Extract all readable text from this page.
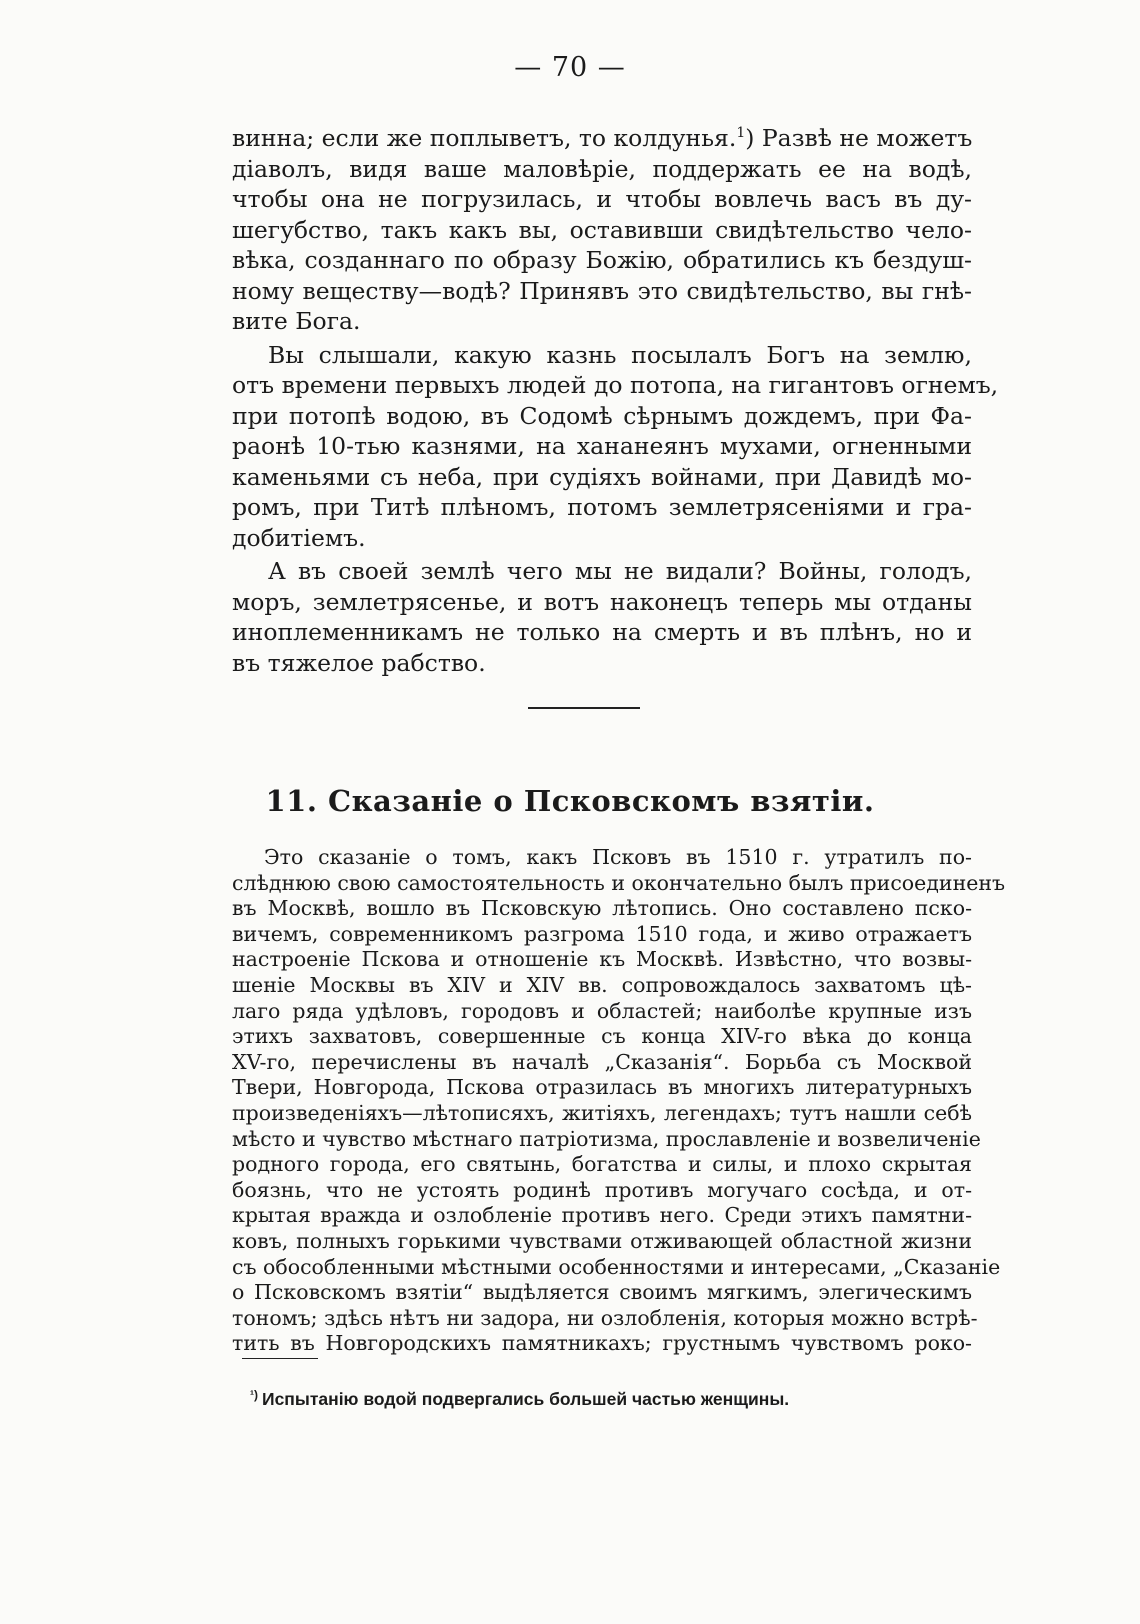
— 70 —
винна; если же поплыветъ, то колдунья.$^1$) Развѣ не можетъ
діаволъ, видя ваше маловѣріе, поддержать ее на водѣ,
чтобы она не погрузилась, и чтобы вовлечь васъ въ ду-
шегубство, такъ какъ вы, оставивши свидѣтельство чело-
вѣка, созданнаго по образу Божію, обратились къ бездуш-
ному веществу—водѣ? Принявъ это свидѣтельство, вы гнѣ-
вите Бога.
Вы слышали, какую казнь посылалъ Богъ на землю,
отъ времени первыхъ людей до потопа, на гигантовъ огнемъ,
при потопѣ водою, въ Содомѣ сѣрнымъ дождемъ, при Фа-
раонѣ 10-тью казнями, на хананеянъ мухами, огненными
каменьями съ неба, при судіяхъ войнами, при Давидѣ мо-
ромъ, при Титѣ плѣномъ, потомъ землетрясеніями и гра-
добитіемъ.
А въ своей землѣ чего мы не видали? Войны, голодъ,
моръ, землетрясенье, и вотъ наконецъ теперь мы отданы
иноплеменникамъ не только на смерть и въ плѣнъ, но и
въ тяжелое рабство.
11. Сказаніе о Псковскомъ взятіи.
Это сказаніе о томъ, какъ Псковъ въ 1510 г. утратилъ по-
слѣднюю свою самостоятельность и окончательно былъ присоединенъ
въ Москвѣ, вошло въ Псковскую лѣтопись. Оно составлено пско-
вичемъ, современникомъ разгрома 1510 года, и живо отражаетъ
настроеніе Пскова и отношеніе къ Москвѣ. Извѣстно, что возвы-
шеніе Москвы въ XIV и XIV вв. сопровождалось захватомъ цѣ-
лаго ряда удѣловъ, городовъ и областей; наиболѣе крупные изъ
этихъ захватовъ, совершенные съ конца XIV-го вѣка до конца
XV-го, перечислены въ началѣ „Сказанія“. Борьба съ Москвой
Твери, Новгорода, Пскова отразилась въ многихъ литературныхъ
произведеніяхъ—лѣтописяхъ, житіяхъ, легендахъ; тутъ нашли себѣ
мѣсто и чувство мѣстнаго патріотизма, прославленіе и возвеличеніе
родного города, его святынь, богатства и силы, и плохо скрытая
боязнь, что не устоять родинѣ противъ могучаго сосѣда, и от-
крытая вражда и озлобленіе противъ него. Среди этихъ памятни-
ковъ, полныхъ горькими чувствами отживающей областной жизни
съ обособленными мѣстными особенностями и интересами, „Сказаніе
о Псковскомъ взятіи“ выдѣляется своимъ мягкимъ, элегическимъ
тономъ; здѣсь нѣтъ ни задора, ни озлобленія, которыя можно встрѣ-
тить въ Новгородскихъ памятникахъ; грустнымъ чувствомъ роко-
$^{^1)}$ Испытанію водой подвергались большей частью женщины.
